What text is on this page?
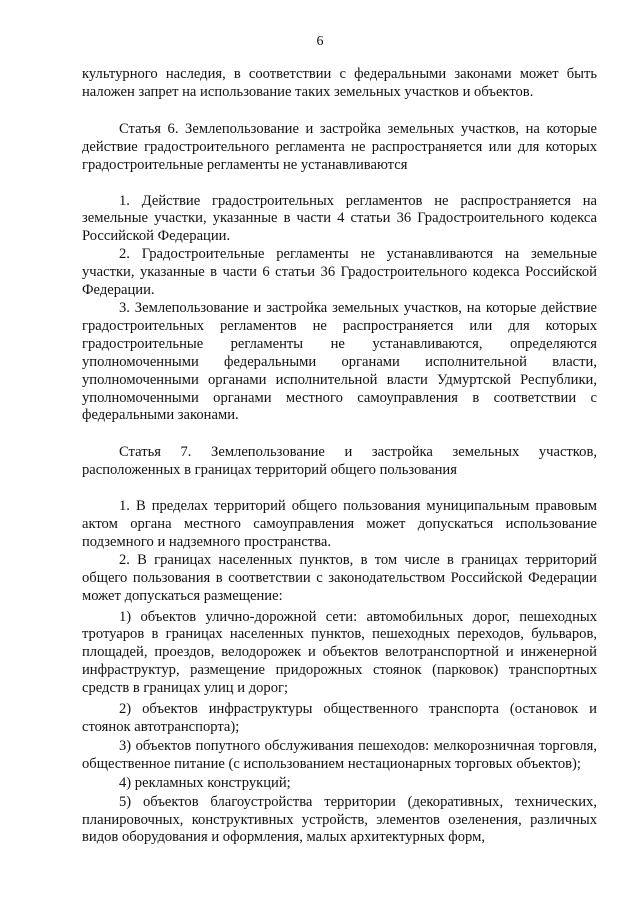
6

культурного наследия, в соответствии с федеральными законами может быть наложен запрет на использование таких земельных участков и объектов.

Статья 6. Землепользование и застройка земельных участков, на которые действие градостроительного регламента не распространяется или для которых градостроительные регламенты не устанавливаются

1. Действие градостроительных регламентов не распространяется на земельные участки, указанные в части 4 статьи 36 Градостроительного кодекса Российской Федерации.

2. Градостроительные регламенты не устанавливаются на земельные участки, указанные в части 6 статьи 36 Градостроительного кодекса Российской Федерации.

3. Землепользование и застройка земельных участков, на которые действие градостроительных регламентов не распространяется или для которых градостроительные регламенты не устанавливаются, определяются уполномоченными федеральными органами исполнительной власти, уполномоченными органами исполнительной власти Удмуртской Республики, уполномоченными органами местного самоуправления в соответствии с федеральными законами.

Статья 7. Землепользование и застройка земельных участков, расположенных в границах территорий общего пользования

1. В пределах территорий общего пользования муниципальным правовым актом органа местного самоуправления может допускаться использование подземного и надземного пространства.

2. В границах населенных пунктов, в том числе в границах территорий общего пользования в соответствии с законодательством Российской Федерации может допускаться размещение:

1) объектов улично-дорожной сети: автомобильных дорог, пешеходных тротуаров в границах населенных пунктов, пешеходных переходов, бульваров, площадей, проездов, велодорожек и объектов велотранспортной и инженерной инфраструктур, размещение придорожных стоянок (парковок) транспортных средств в границах улиц и дорог;

2) объектов инфраструктуры общественного транспорта (остановок и стоянок автотранспорта);

3) объектов попутного обслуживания пешеходов: мелкорозничная торговля, общественное питание (с использованием нестационарных торговых объектов);

4) рекламных конструкций;

5) объектов благоустройства территории (декоративных, технических, планировочных, конструктивных устройств, элементов озеленения, различных видов оборудования и оформления, малых архитектурных форм,
